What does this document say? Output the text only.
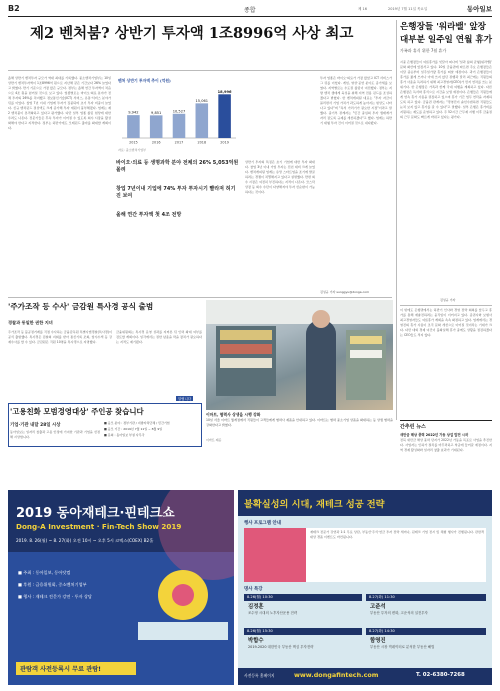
B2	종합	제 16	2019년 7월 11일 목요일	동아일보
제2 벤처붐? 상반기 투자액 1조8996억 사상 최고
올해 상반기 벤처투자 규모가 역대 최대를 기록했다. 중소벤처기업부는 10일 상반기 벤처투자액이 1조8996억 원으로 지난해 같은 기간보다 26% 늘었다고 밝혔다. 반기 기준으로 가장 많은 규모다. 정부는 올해 연간 투자액이 처음으로 4조 원을 넘어설 것으로 보고 있다. 업종별로는 바이오·의료 분야가 전체 투자의 26%를 차지했고 정보통신기술(ICT) 서비스, 유통·서비스 분야가 뒤를 이었다. 창업 7년 이내 기업에 투자가 집중되며 초기 투자 비중이 늘었다. 신규 벤처펀드 결성액도 크게 증가해 투자 재원이 풍부해졌다. 업계는 제2 벤처붐이 본격화하고 있다고 평가했다. 다만 일부 업종 쏠림 현상에 대한 우려도 나온다. 전문가들은 후속 투자가 이어질 수 있도록 회수 시장을 활성화해야 한다고 지적한다. 정부는 하반기에도 모태펀드 출자를 확대할 계획이다.
벤처 상반기 투자액 추이 (억원)
9,942
2015
9,851
2016
10,527
2017
15,061
2018
18,996
2019
자료: 중소벤처기업부
바이오·의료 등 생명과학 분야 전체의 26% 5,053억원 몰려
창업 7년이내 기업에 74% 투자 투자시기 빨라져 허기진 보여
올해 연간 투자액 첫 4조 전망
상반기 투자의 특징은 초기 기업에 대한 투자 확대다. 창업 3년 이내 기업 투자는 전년 대비 크게 늘었다. 벤처캐피털 업계는 유망 스타트업을 조기에 발굴하려는 경쟁이 치열해지고 있다고 설명했다. 반면 회수 시장은 여전히 부진하다는 지적이 나온다. 코스닥 상장 등 회수 수단이 다양해져야 투자 선순환이 가능하다는 것이다.
투자 업종은 바이오·의료가 가장 많았고 ICT 서비스가 그 뒤를 이었다. 게임, 영상·공연 분야도 증가세를 보였다. 지역별로는 수도권 쏠림이 여전했다. 정부는 지방 벤처 생태계 육성을 위해 지역 전용 펀드를 조성하겠다고 밝혔다. 한 벤처캐피털 대표는 "투자 자금이 몰리면서 기업 가치가 과도하게 높아지는 현상도 나타나고 있다"며 "옥석 가리기가 필요한 시점"이라고 말했다. 중기부 관계자는 "민간 중심의 투자 생태계가 자리 잡도록 규제를 개선하겠다"고 했다. 업계는 하반기 대형 투자 건이 이어질 것으로 내다봤다.
김성규 기자 sunggyu@donga.com
은행장들 '워라밸' 앞장
대부분 일주일 연월 휴가
가족과 휴식 위한 7월 휴가
시중 은행장들이 여름휴가를 잇달아 떠나며 '일과 삶의 균형(워라밸)' 문화 확산에 앞장서고 있다. 10일 금융권에 따르면 주요 은행장들은 이달 중순부터 일주일가량 휴가를 떠날 예정이다. 과거 은행장들이 휴가를 짧게 쓰거나 아예 쓰지 않던 관행과 달리 최근에는 직원들의 휴가 사용을 독려하기 위해 최고경영자(CEO)가 먼저 연차를 쓰는 분위기다. 한 은행장은 가족과 함께 국내 여행을 계획하고 있다. 다른 은행장은 독서와 휴식으로 시간을 보낼 예정이다. 은행들은 직원들에게 연속 휴가 사용을 권장하고 있으며 휴가 기간 업무 연락을 자제하도록 하고 있다. 금융권 관계자는 "경영진이 솔선수범하면 직원들도 눈치 보지 않고 휴가를 갈 수 있다"고 말했다. 일부 은행은 휴가비를 지원하는 제도를 운영하고 있다. 주 52시간 근무제 시행 이후 금융권의 근무 문화도 빠르게 바뀌고 있다는 평가다.
김성규 기자
'주가조작 등 수사' 금감원 특사경 공식 출범
경찰과 동일한 권한 지녀
주가조작 등 불공정거래를 직접 수사하는 금융감독원 특별사법경찰(특사경)이 공식 출범했다. 특사경은 검찰의 지휘를 받아 통신기록 조회, 압수수색 등 강제수사를 할 수 있다. 금감원은 직원 10명을 특사경으로 지명했다.
금융위원회는 특사경 운영 성과를 지켜본 뒤 인력 확대 여부를 검토할 계획이다. 일각에서는 권한 남용을 막을 장치가 필요하다는 지적도 제기됐다.
이마트, 협력사 상생을 시행 강화
10일 서울 이마트 월계점에서 직원들이 고객들에게 협력사 제품을 안내하고 있다. 이마트는 협력 중소기업 상품을 확대하는 등 상생 협력을 강화한다고 밝혔다.
이마트 제공
알립니다
'고용친화 모범경영대상' 주인공 찾습니다
기업·기관 내달 28일 시상	■ 응모 분야 : 정부기관 / 지방자치단체 / 민간기업
■ 응모 기간 : 2019년 7월 11일 ~ 8월 9일
■ 문의 : 동아일보 부설 사무국
동아일보는 일자리 창출과 고용 안정에 기여한 기관과 기업을 선정해 시상합니다.
이 밖에도 은행권에서는 하반기 인사와 경영 전략 회의를 앞두고 휴가를 통해 재충전하려는 움직임이 이어지고 있다. 증권사와 보험사 최고경영자들도 여름휴가 계획을 속속 확정하고 있다. 업계에서는 경영진의 휴가 사용이 조직 문화 개선으로 이어질 것이라는 기대가 크다. 다만 대외 경제 여건이 불확실해 휴가 중에도 상황을 점검하겠다는 CEO들도 적지 않다.
간추린 뉴스
새만금 해상 풍력 2022년 가동 상업 발전 시작
전북 새만금 해상 풍력 단지가 2022년 가동을 목표로 사업을 추진한다. 사업자는 인허가 절차를 마무리하고 착공에 들어갈 예정이다. 지역 경제 활성화와 일자리 창출 효과가 기대된다.
2019 동아재테크·핀테크쇼
Dong-A Investment · Fin-Tech Show 2019
2019. 8. 26(월) ~ 8. 27(화) 오전 10시 ~ 오후 5시 코엑스(COEX) B2홀
■ 주최 : 동아일보, 동아닷컴
■ 후원 : 금융위원회, 중소벤처기업부
■ 행사 : 재테크 전문가 강연 · 투자 상담
관람객 사전등록시 무료 관람!
불확실성의 시대, 재테크 성공 전략
행사 프로그램 안내
재테크 전문가 강연과 1:1 무료 상담, 부동산·주식·연금 투자 전략 세미나, 핀테크 기업 전시 및 체험 행사가 진행됩니다. 관람객 대상 경품 이벤트도 마련됩니다.
명사 특강
8.26(월) 10:30	8.27(화) 11:30
김정훈
조수영 시대의 노후자산운용 전략
고준석
부동산 투자의 변화, 고준석의 실전투자
8.26(월) 15:30	8.27(화) 14:30
박합수
2019-2020 대한민국 부동산 핵심 투자전략
함영진
부동산 시장 빅데이터로 분석한 부동산 해법
사전등록 홈페이지	www.dongafintech.com	T. 02-6380-7268
